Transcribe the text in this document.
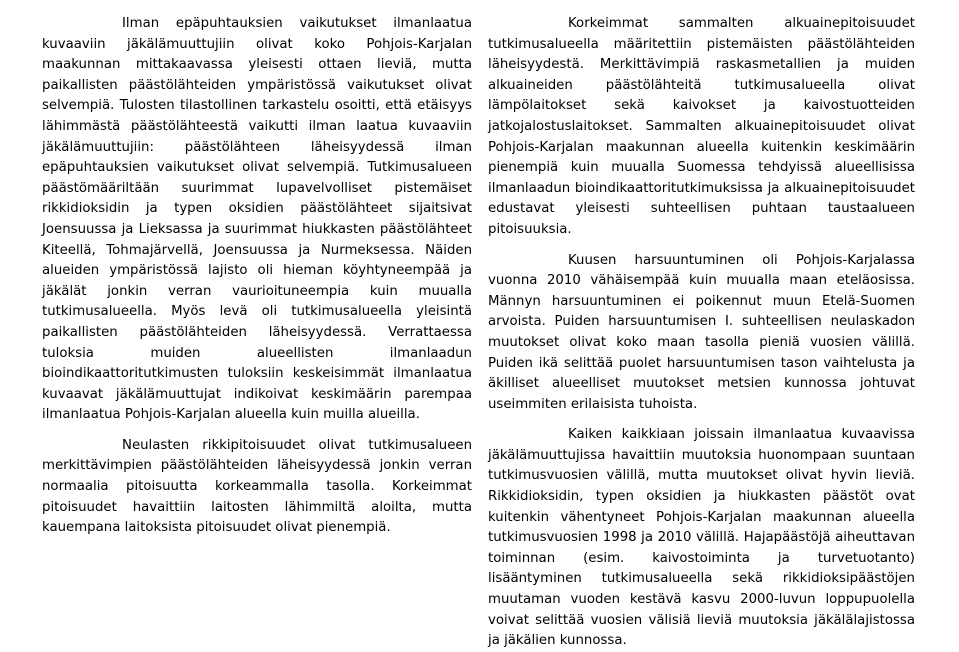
Ilman epäpuhtauksien vaikutukset ilmanlaatua kuvaaviin jäkälämuuttujiin olivat koko Pohjois-Karjalan maakunnan mittakaavassa yleisesti ottaen lieviä, mutta paikallisten päästölähteiden ympäristössä vaikutukset olivat selvempiä. Tulosten tilastollinen tarkastelu osoitti, että etäisyys lähimmästä päästölähteestä vaikutti ilman laatua kuvaaviin jäkälämuuttujiin: päästölähteen läheisyydessä ilman epäpuhtauksien vaikutukset olivat selvempiä. Tutkimusalueen päästömääriltään suurimmat lupavelvolliset pistemäiset rikkidioksidin ja typen oksidien päästölähteet sijaitsivat Joensuussa ja Lieksassa ja suurimmat hiukkasten päästölähteet Kiteellä, Tohmajärvellä, Joensuussa ja Nurmeksessa. Näiden alueiden ympäristössä lajisto oli hieman köyhtyneempää ja jäkälät jonkin verran vaurioituneempia kuin muualla tutkimusalueella. Myös levä oli tutkimusalueella yleisintä paikallisten päästölähteiden läheisyydessä. Verrattaessa tuloksia muiden alueellisten ilmanlaadun bioindikaattoritutkimusten tuloksiin keskeisimmät ilmanlaatua kuvaavat jäkälämuuttujat indikoivat keskimäärin parempaa ilmanlaatua Pohjois-Karjalan alueella kuin muilla alueilla.

Neulasten rikkipitoisuudet olivat tutkimusalueen merkittävimpien päästölähteiden läheisyydessä jonkin verran normaalia pitoisuutta korkeammalla tasolla. Korkeimmat pitoisuudet havaittiin laitosten lähimmiltä aloilta, mutta kauempana laitoksista pitoisuudet olivat pienempiä.

Korkeimmat sammalten alkuainepitoisuudet tutkimusalueella määritettiin pistemäisten päästölähteiden läheisyydestä. Merkittävimpiä raskasmetallien ja muiden alkuaineiden päästölähteitä tutkimusalueella olivat lämpölaitokset sekä kaivokset ja kaivostuotteiden jatkojalostuslaitokset. Sammalten alkuainepitoisuudet olivat Pohjois-Karjalan maakunnan alueella kuitenkin keskimäärin pienempiä kuin muualla Suomessa tehdyissä alueellisissa ilmanlaadun bioindikaattoritutkimuksissa ja alkuainepitoisuudet edustavat yleisesti suhteellisen puhtaan taustaalueen pitoisuuksia.

Kuusen harsuuntuminen oli Pohjois-Karjalassa vuonna 2010 vähäisempää kuin muualla maan eteläosissa. Männyn harsuuntuminen ei poikennut muun Etelä-Suomen arvoista. Puiden harsuuntumisen I. suhteellisen neulaskadon muutokset olivat koko maan tasolla pieniä vuosien välillä. Puiden ikä selittää puolet harsuuntumisen tason vaihtelusta ja äkilliset alueelliset muutokset metsien kunnossa johtuvat useimmiten erilaisista tuhoista.

Kaiken kaikkiaan joissain ilmanlaatua kuvaavissa jäkälämuuttujissa havaittiin muutoksia huonompaan suuntaan tutkimusvuosien välillä, mutta muutokset olivat hyvin lieviä. Rikkidioksidin, typen oksidien ja hiukkasten päästöt ovat kuitenkin vähentyneet Pohjois-Karjalan maakunnan alueella tutkimusvuosien 1998 ja 2010 välillä. Hajapäästöjä aiheuttavan toiminnan (esim. kaivostoiminta ja turvetuotanto) lisääntyminen tutkimusalueella sekä rikkidioksipäästöjen muutaman vuoden kestävä kasvu 2000-luvun loppupuolella voivat selittää vuosien välisiä lieviä muutoksia jäkälälajistossa ja jäkälien kunnossa.
